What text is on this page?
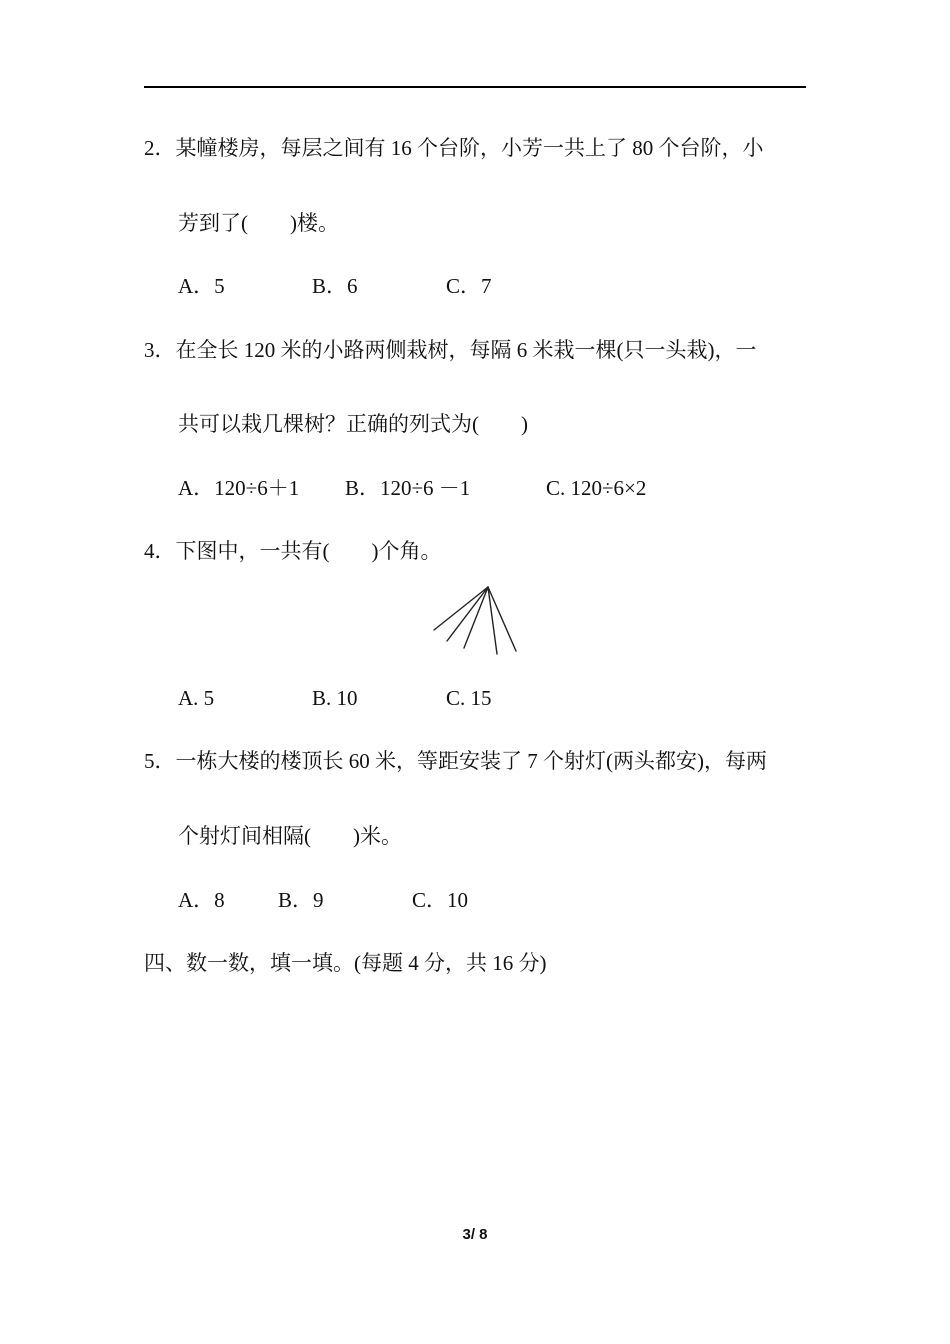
2．某幢楼房，每层之间有 16 个台阶，小芳一共上了 80 个台阶，小
芳到了(　　)楼。
A．5	B．6	C．7
3．在全长 120 米的小路两侧栽树，每隔 6 米栽一棵(只一头栽)，一
共可以栽几棵树？正确的列式为(　　)
A．120÷6＋1 B．120÷6 －1	C. 120÷6×2
4．下图中，一共有(　　)个角。
A. 5	B. 10	C. 15
5．一栋大楼的楼顶长 60 米，等距安装了 7 个射灯(两头都安)，每两
个射灯间相隔(　　)米。
A．8	B．9	C．10
四、数一数，填一填。(每题 4 分，共 16 分)
3/ 8
